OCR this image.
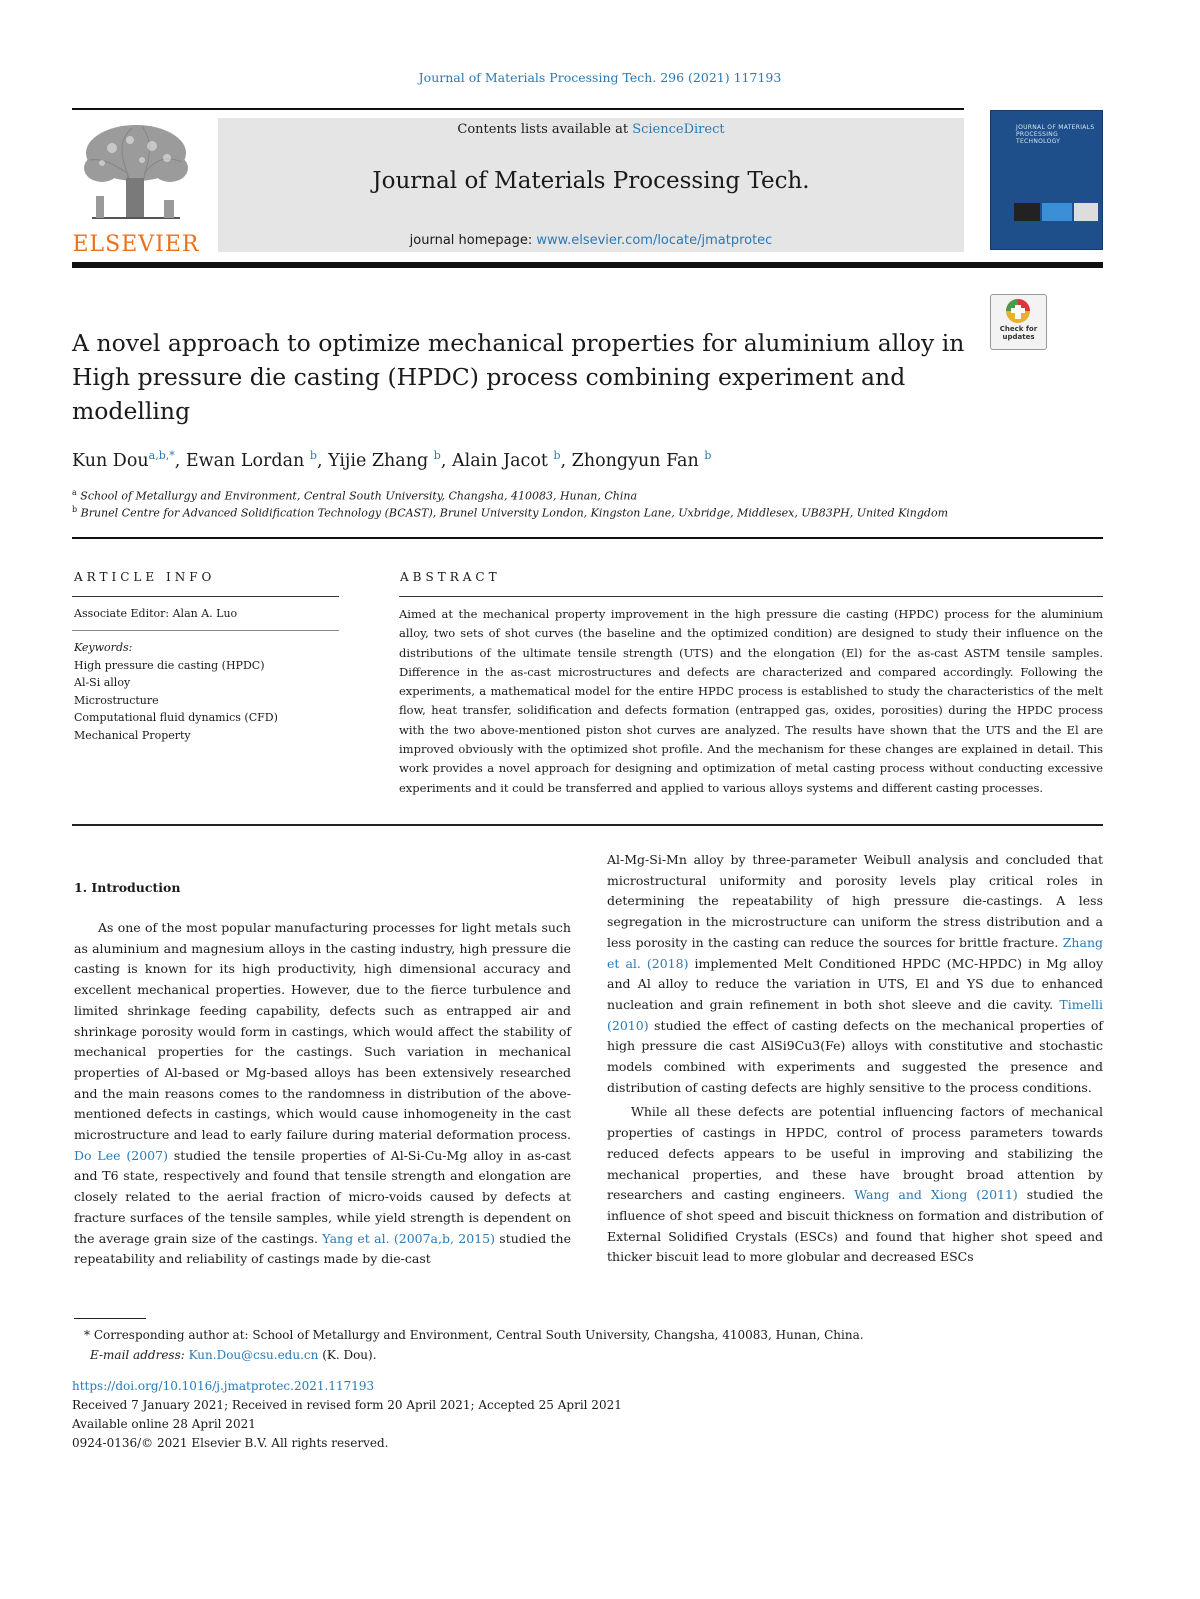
Journal of Materials Processing Tech. 296 (2021) 117193
ELSEVIER
Contents lists available at ScienceDirect
Journal of Materials Processing Tech.
journal homepage: www.elsevier.com/locate/jmatprotec
JOURNAL OF MATERIALS PROCESSING TECHNOLOGY
Check for updates
A novel approach to optimize mechanical properties for aluminium alloy in High pressure die casting (HPDC) process combining experiment and modelling
Kun Dou$^{a,b,*}$, Ewan Lordan $^b$, Yijie Zhang $^b$, Alain Jacot $^b$, Zhongyun Fan $^b$
$^a$ School of Metallurgy and Environment, Central South University, Changsha, 410083, Hunan, China
$^b$ Brunel Centre for Advanced Solidification Technology (BCAST), Brunel University London, Kingston Lane, Uxbridge, Middlesex, UB83PH, United Kingdom
ARTICLE INFO
Associate Editor: Alan A. Luo
Keywords:
High pressure die casting (HPDC)
Al-Si alloy
Microstructure
Computational fluid dynamics (CFD)
Mechanical Property
ABSTRACT
Aimed at the mechanical property improvement in the high pressure die casting (HPDC) process for the aluminium alloy, two sets of shot curves (the baseline and the optimized condition) are designed to study their influence on the distributions of the ultimate tensile strength (UTS) and the elongation (El) for the as-cast ASTM tensile samples. Difference in the as-cast microstructures and defects are characterized and compared accordingly. Following the experiments, a mathematical model for the entire HPDC process is established to study the characteristics of the melt flow, heat transfer, solidification and defects formation (entrapped gas, oxides, porosities) during the HPDC process with the two above-mentioned piston shot curves are analyzed. The results have shown that the UTS and the El are improved obviously with the optimized shot profile. And the mechanism for these changes are explained in detail. This work provides a novel approach for designing and optimization of metal casting process without conducting excessive experiments and it could be transferred and applied to various alloys systems and different casting processes.
1. Introduction

As one of the most popular manufacturing processes for light metals such as aluminium and magnesium alloys in the casting industry, high pressure die casting is known for its high productivity, high dimensional accuracy and excellent mechanical properties. However, due to the fierce turbulence and limited shrinkage feeding capability, defects such as entrapped air and shrinkage porosity would form in castings, which would affect the stability of mechanical properties for the castings. Such variation in mechanical properties of Al-based or Mg-based alloys has been extensively researched and the main reasons comes to the randomness in distribution of the above-mentioned defects in castings, which would cause inhomogeneity in the cast microstructure and lead to early failure during material deformation process. Do Lee (2007) studied the tensile properties of Al-Si-Cu-Mg alloy in as-cast and T6 state, respectively and found that tensile strength and elongation are closely related to the aerial fraction of micro-voids caused by defects at fracture surfaces of the tensile samples, while yield strength is dependent on the average grain size of the castings. Yang et al. (2007a,b, 2015) studied the repeatability and reliability of castings made by die-cast

Al-Mg-Si-Mn alloy by three-parameter Weibull analysis and concluded that microstructural uniformity and porosity levels play critical roles in determining the repeatability of high pressure die-castings. A less segregation in the microstructure can uniform the stress distribution and a less porosity in the casting can reduce the sources for brittle fracture. Zhang et al. (2018) implemented Melt Conditioned HPDC (MC-HPDC) in Mg alloy and Al alloy to reduce the variation in UTS, El and YS due to enhanced nucleation and grain refinement in both shot sleeve and die cavity. Timelli (2010) studied the effect of casting defects on the mechanical properties of high pressure die cast AlSi9Cu3(Fe) alloys with constitutive and stochastic models combined with experiments and suggested the presence and distribution of casting defects are highly sensitive to the process conditions.

While all these defects are potential influencing factors of mechanical properties of castings in HPDC, control of process parameters towards reduced defects appears to be useful in improving and stabilizing the mechanical properties, and these have brought broad attention by researchers and casting engineers. Wang and Xiong (2011) studied the influence of shot speed and biscuit thickness on formation and distribution of External Solidified Crystals (ESCs) and found that higher shot speed and thicker biscuit lead to more globular and decreased ESCs

* Corresponding author at: School of Metallurgy and Environment, Central South University, Changsha, 410083, Hunan, China.
E-mail address: Kun.Dou@csu.edu.cn (K. Dou).
https://doi.org/10.1016/j.jmatprotec.2021.117193
Received 7 January 2021; Received in revised form 20 April 2021; Accepted 25 April 2021
Available online 28 April 2021
0924-0136/© 2021 Elsevier B.V. All rights reserved.
